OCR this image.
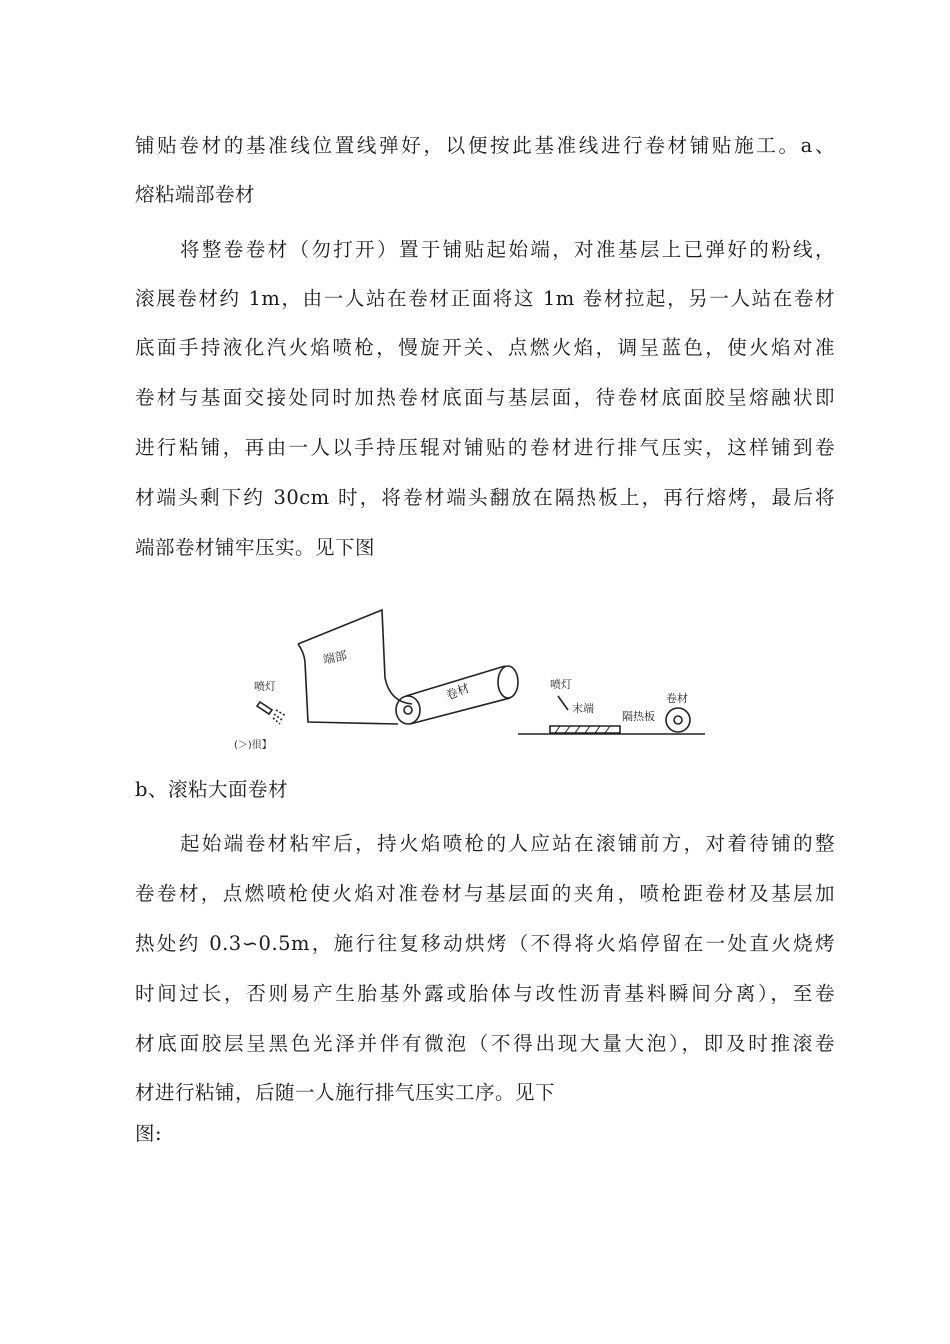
铺贴卷材的基准线位置线弹好，以便按此基准线进行卷材铺贴施工。a、
熔粘端部卷材
将整卷卷材（勿打开）置于铺贴起始端，对准基层上已弹好的粉线，
滚展卷材约 1m，由一人站在卷材正面将这 1m 卷材拉起，另一人站在卷材
底面手持液化汽火焰喷枪，慢旋开关、点燃火焰，调呈蓝色，使火焰对准
卷材与基面交接处同时加热卷材底面与基层面，待卷材底面胶呈熔融状即
进行粘铺，再由一人以手持压辊对铺贴的卷材进行排气压实，这样铺到卷
材端头剩下约 30cm 时，将卷材端头翻放在隔热板上，再行熔烤，最后将
端部卷材铺牢压实。见下图
喷灯
端部
卷材
(＞)很】
喷灯
末端
隔热板
卷材
b、滚粘大面卷材
起始端卷材粘牢后，持火焰喷枪的人应站在滚铺前方，对着待铺的整
卷卷材，点燃喷枪使火焰对准卷材与基层面的夹角，喷枪距卷材及基层加
热处约 0.3∽0.5m，施行往复移动烘烤（不得将火焰停留在一处直火烧烤
时间过长，否则易产生胎基外露或胎体与改性沥青基料瞬间分离），至卷
材底面胶层呈黑色光泽并伴有微泡（不得出现大量大泡），即及时推滚卷
材进行粘铺，后随一人施行排气压实工序。见下
图:
